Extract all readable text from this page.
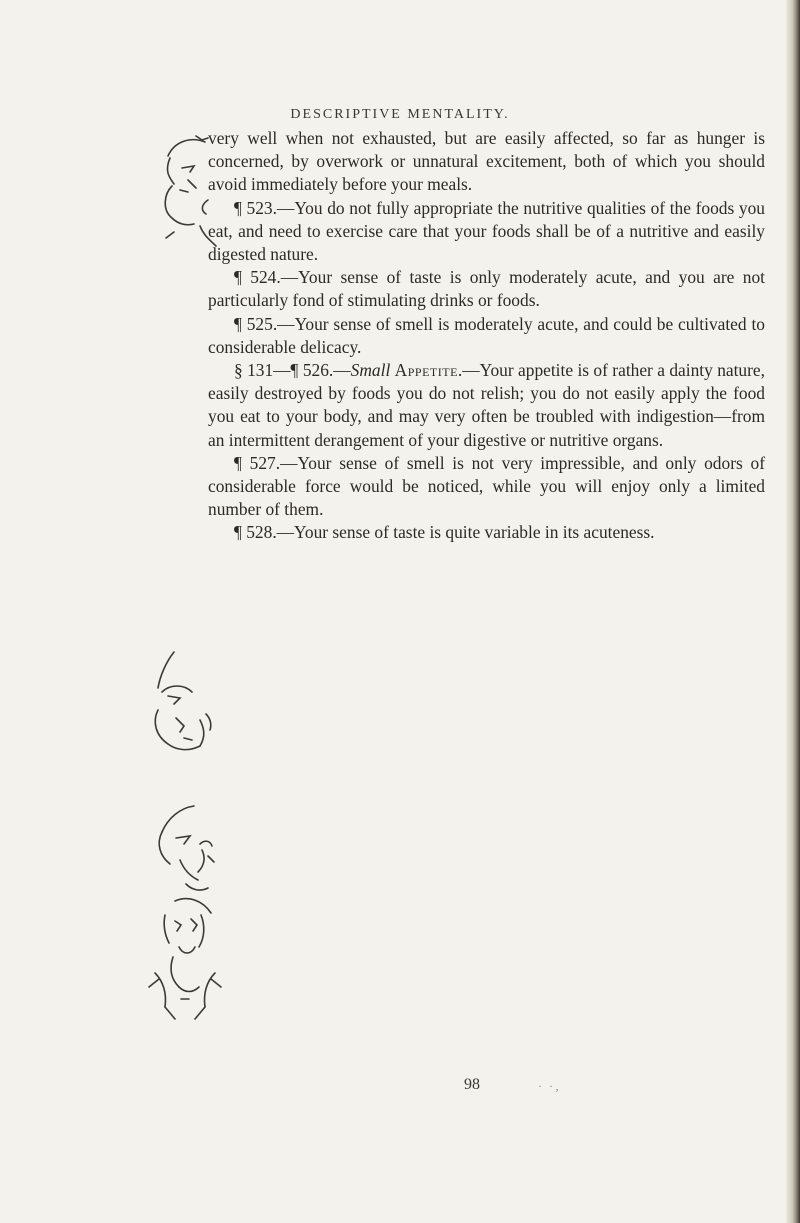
DESCRIPTIVE MENTALITY.

very well when not exhausted, but are easily affected, so far as hunger is concerned, by overwork or unnatural excitement, both of which you should avoid immediately before your meals.

¶ 523.—You do not fully appropriate the nutritive qualities of the foods you eat, and need to exercise care that your foods shall be of a nutritive and easily digested nature.

¶ 524.—Your sense of taste is only moderately acute, and you are not particularly fond of stimulating drinks or foods.

¶ 525.—Your sense of smell is moderately acute, and could be cultivated to considerable delicacy.

§ 131—¶ 526.—Small Appetite.—Your appetite is of rather a dainty nature, easily destroyed by foods you do not relish; you do not easily apply the food you eat to your body, and may very often be troubled with indigestion—from an intermittent derangement of your digestive or nutritive organs.

¶ 527.—Your sense of smell is not very impressible, and only odors of considerable force would be noticed, while you will enjoy only a limited number of them.

¶ 528.—Your sense of taste is quite variable in its acuteness.

98	· ·‚
